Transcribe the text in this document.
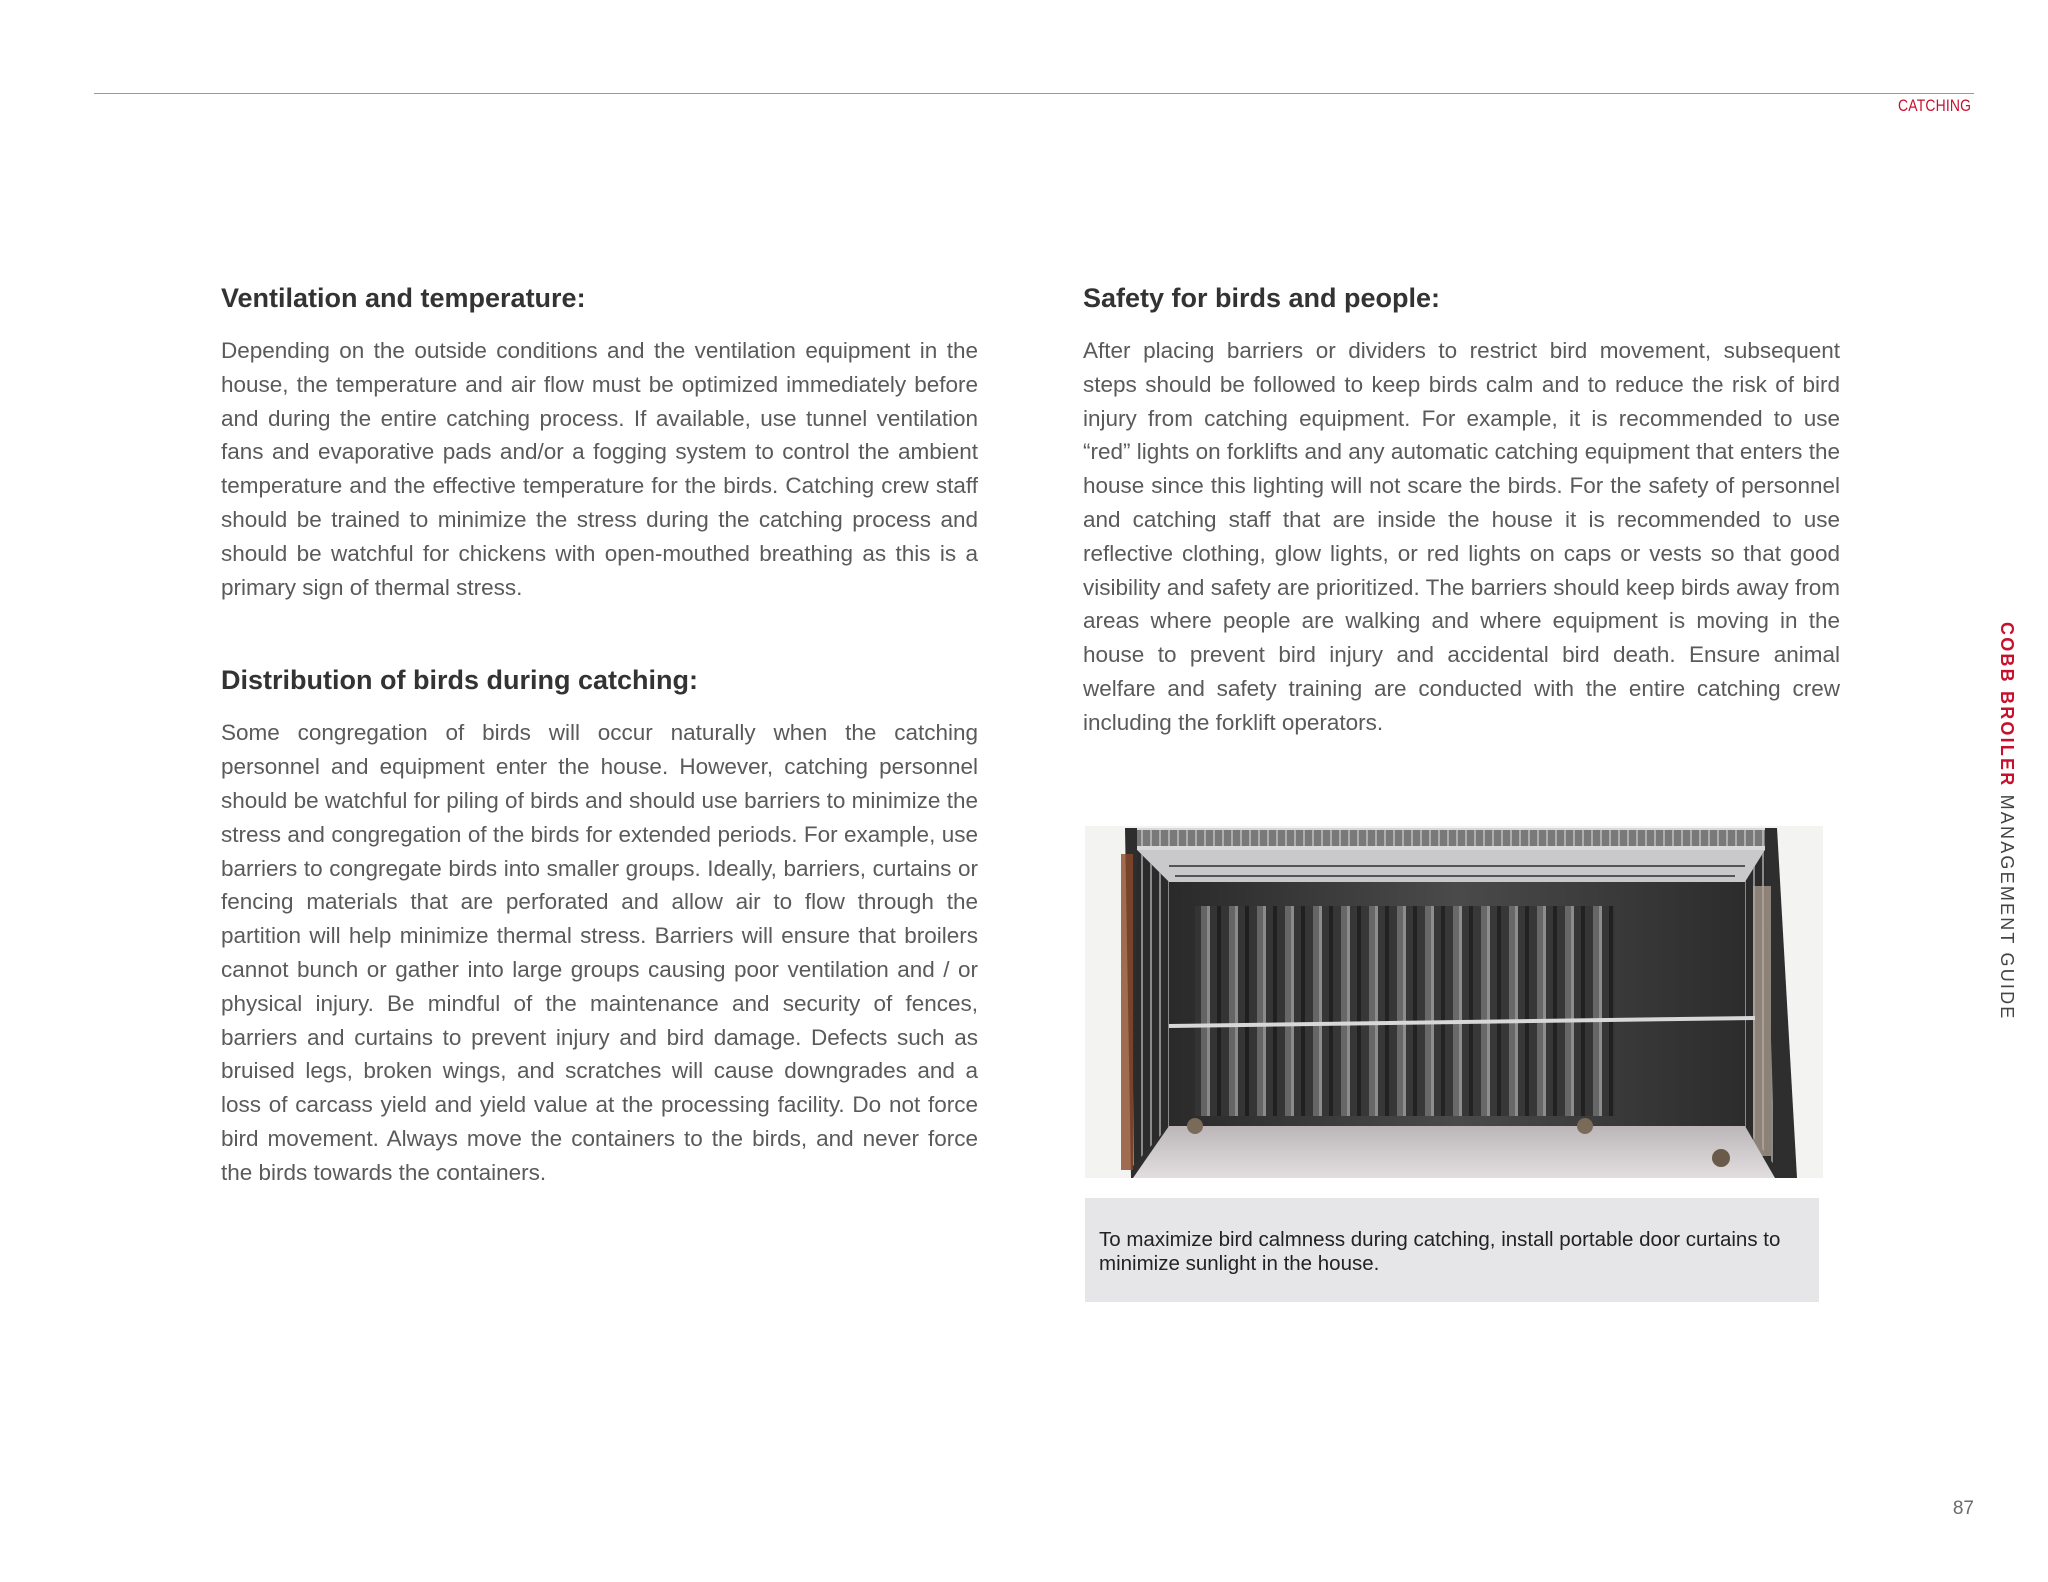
CATCHING
Ventilation and temperature:

Depending on the outside conditions and the ventilation equipment in the house, the temperature and air flow must be optimized immediately before and during the entire catching process. If available, use tunnel ventilation fans and evaporative pads and/or a fogging system to control the ambient temperature and the effective temperature for the birds. Catching crew staff should be trained to minimize the stress during the catching process and should be watchful for chickens with open-mouthed breathing as this is a primary sign of thermal stress.

Distribution of birds during catching:

Some congregation of birds will occur naturally when the catching personnel and equipment enter the house. However, catching personnel should be watchful for piling of birds and should use barriers to minimize the stress and congregation of the birds for extended periods. For example, use barriers to congregate birds into smaller groups. Ideally, barriers, curtains or fencing materials that are perforated and allow air to flow through the partition will help minimize thermal stress. Barriers will ensure that broilers cannot bunch or gather into large groups causing poor ventilation and / or physical injury. Be mindful of the maintenance and security of fences, barriers and curtains to prevent injury and bird damage. Defects such as bruised legs, broken wings, and scratches will cause downgrades and a loss of carcass yield and yield value at the processing facility. Do not force bird movement. Always move the containers to the birds, and never force the birds towards the containers.

Safety for birds and people:

After placing barriers or dividers to restrict bird movement, subsequent steps should be followed to keep birds calm and to reduce the risk of bird injury from catching equipment. For example, it is recommended to use “red” lights on forklifts and any automatic catching equipment that enters the house since this lighting will not scare the birds. For the safety of personnel and catching staff that are inside the house it is recommended to use reflective clothing, glow lights, or red lights on caps or vests so that good visibility and safety are prioritized. The barriers should keep birds away from areas where people are walking and where equipment is moving in the house to prevent bird injury and accidental bird death. Ensure animal welfare and safety training are conducted with the entire catching crew including the forklift operators.

To maximize bird calmness during catching, install portable door curtains to minimize sunlight in the house.
COBB BROILER MANAGEMENT GUIDE
87
